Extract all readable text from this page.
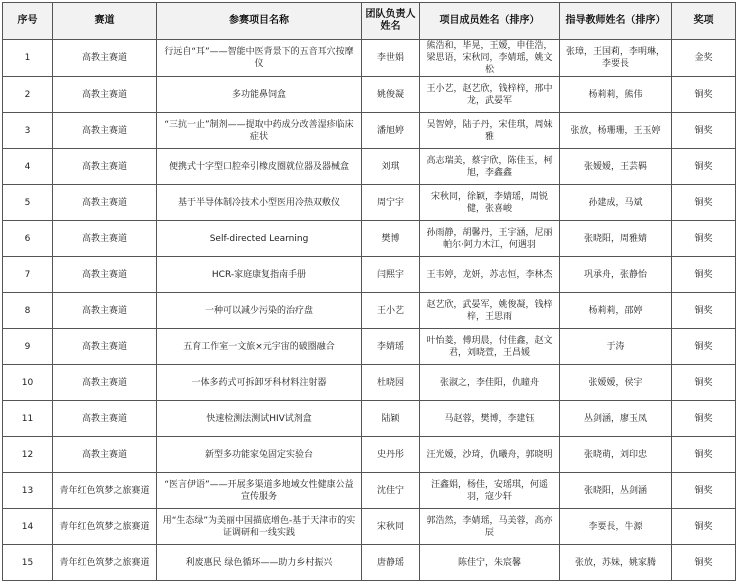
序号	赛道	参赛项目名称	团队负责人姓名	项目成员姓名（排序）	指导教师姓名（排序）	奖项
1	高教主赛道	行远自“耳”——智能中医背景下的五音耳穴按摩仪	李世娟	熊浩和，毕晃，王嫒，申佳浩，梁思语，宋秋同，李婧瑶，姚文松	张璋，王国莉，李明琳，李要長	金奖
2	高教主赛道	多功能鼻饲盒	姚俊凝	王小艺，赵艺欣，钱梓梓，邢中龙，武晏军	杨莉莉，熊伟	铜奖
3	高教主赛道	“三抗一止”制剂——提取中药成分改善湿疹临床症状	潘旭婷	吴智婷，陆子丹，宋佳琪，周妹雅	张放，杨珊珊，王玉婷	铜奖
4	高教主赛道	便携式十字型口腔牵引橡皮圈就位器及器械盒	刘琪	高志瑞美，蔡宇欣，陈佳玉，柯旭，李鑫鑫	张嫒嫒，王芸羁	铜奖
5	高教主赛道	基于半导体制冷技术小型医用冷热双敷仪	周宁宇	宋秋同，徐颖，李婧瑶，周锐健，张喜峻	孙建成，马斌	铜奖
6	高教主赛道	Self-directed Learning	樊博	孙雨静，胡馨丹，王宇涵，尼丽帕尔·阿力木江，何遇羽	张晓阳，周雅婧	铜奖
7	高教主赛道	HCR-家庭康复指南手册	闫熙宇	王韦婷，龙妍，苏志恒，李林杰	巩承舟，张静怡	铜奖
8	高教主赛道	一种可以减少污染的治疗盘	王小艺	赵艺欣，武晏军，姚俊凝，钱梓梓，王思雨	杨莉莉，邵婷	铜奖
9	高教主赛道	五育工作室一文旅×元宇宙的破圈融合	李婧瑶	叶怡菱，傅玥晨，付佳鑫，赵文君，刘晓萱，王昌媛	于涛	铜奖
10	高教主赛道	一体多药式可拆卸牙科材料注射器	杜晓园	张淑之，李佳阳，仇瞳舟	张嫒嫒，侯宇	铜奖
11	高教主赛道	快速检测法测试HIV试剂盒	陆颖	马赵蓉，樊博，李建钰	丛剑涵，廖玉凤	铜奖
12	高教主赛道	新型多功能家兔固定实验台	史丹彤	汪光嫒，沙琦，仇曦舟，郭晓明	张晓萌，刘印忠	铜奖
13	青年红色筑梦之旅赛道	“医言伊语”——开展多渠道多地域女性健康公益宣传服务	沈佳宁	汪鑫娟，杨佳，安瑶琪，何遥羽，寇少轩	张晓阳，丛剑涵	铜奖
14	青年红色筑梦之旅赛道	用“生态绿”为美丽中国描底增色-基于天津市的实证调研和一线实践	宋秋同	郭浩然，李婧瑶，马美蓉，高亦辰	李要長，牛源	铜奖
15	青年红色筑梦之旅赛道	利废惠民 绿色循环——助力乡村振兴	唐静瑶	陈佳宁，朱宸馨	张放，苏妹，姚家腾	铜奖
